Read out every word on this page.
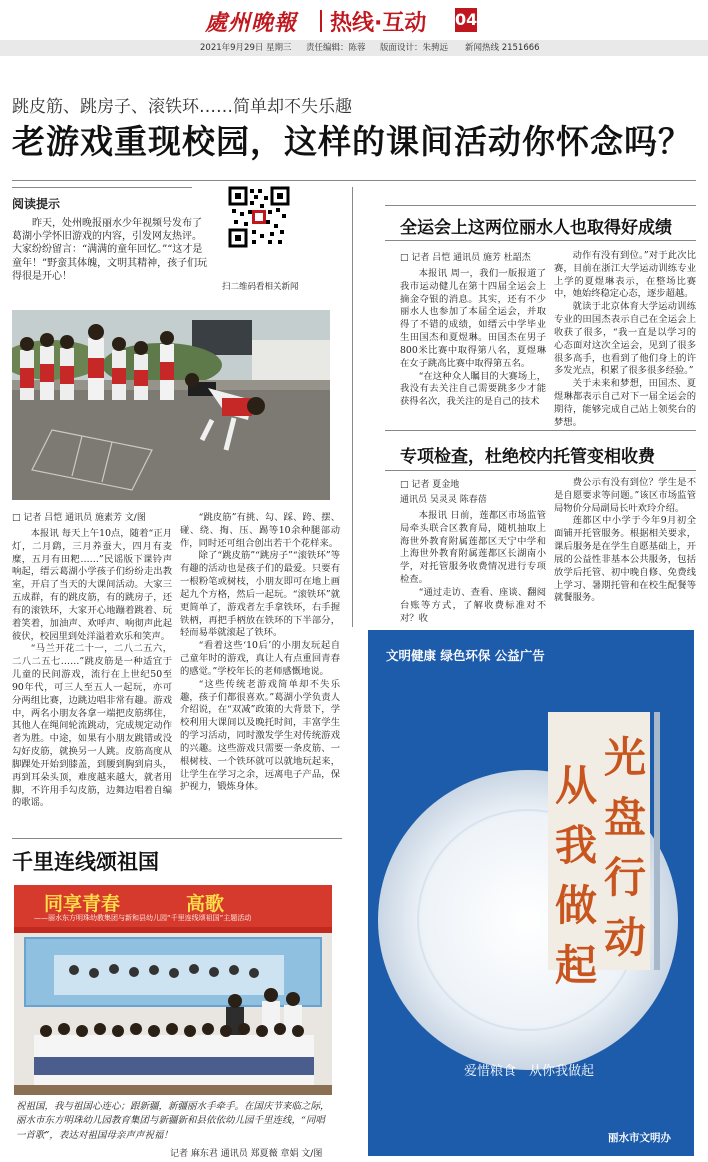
處州晚報 热线·互动 04
2021年9月29日 星期三 责任编辑：陈蓉 版面设计：朱骋远 新闻热线 2151666
跳皮筋、跳房子、滚铁环……简单却不失乐趣
老游戏重现校园，这样的课间活动你怀念吗？
阅读提示
昨天，处州晚报丽水少年视频号发布了葛湖小学怀旧游戏的内容，引发网友热评。大家纷纷留言：“满满的童年回忆。”“这才是童年！”野蛮其体魄，文明其精神，孩子们玩得很是开心！
扫二维码看相关新闻
□ 记者 吕恺 通讯员 施素芳 文/图

本报讯 每天上午10点，随着“正月灯，二月鹞，三月养蚕大，四月有麦糜，五月有田粑……”民谣版下课铃声响起，缙云葛湖小学孩子们纷纷走出教室，开启了当天的大课间活动。大家三五成群，有的跳皮筋，有的跳房子，还有的滚铁环，大家开心地蹦着跳着、玩着笑着，加油声、欢呼声、响彻声此起彼伏，校园里到处洋溢着欢乐和笑声。

“马兰开花二十一，二八二五六，二八二五七……”跳皮筋是一种适宜于儿童的民间游戏，流行在上世纪50至90年代，可三人至五人一起玩，亦可分两组比赛，边跳边唱非常有趣。游戏中，两名小朋友各拿一端把皮筋绑住，其他人在绳间轮流跳动，完成规定动作者为胜。中途，如果有小朋友跳错或没勾好皮筋，就换另一人跳。皮筋高度从脚踝处开始到膝盖，到腰到胸到肩头，再到耳朵头顶，难度越来越大，就者用脚，不许用手勾皮筋，边舞边唱着自编的歌谣。

“跳皮筋”有挑、勾、踩、跨、摆、碰、绕、掏、压、踢等10余种腿部动作，同时还可组合创出若干个花样来。

除了“跳皮筋”“跳房子”“滚铁环”等有趣的活动也是孩子们的最爱。只要有一根粉笔或树枝，小朋友即可在地上画起九个方格，然后一起玩。“滚铁环”就更简单了，游戏者左手拿铁环，右手握铁柄，再把手柄放在铁环的下半部分，轻而易举就滚起了铁环。

“看着这些‘10后’的小朋友玩起自己童年时的游戏，真让人有点重回青春的感觉。”学校年长的老师感慨地说。

“这些传统老游戏简单却不失乐趣，孩子们都很喜欢。”葛湖小学负责人介绍说，在“双减”政策的大背景下，学校利用大课间以及晚托时间，丰富学生的学习活动，同时激发学生对传统游戏的兴趣。这些游戏只需要一条皮筋、一根树枝、一个铁环就可以就地玩起来，让学生在学习之余，远离电子产品，保护视力，锻炼身体。

全运会上这两位丽水人也取得好成绩
□ 记者 吕恺 通讯员 施芳 杜韶杰

本报讯 周一，我们一版报道了我市运动健儿在第十四届全运会上摘金夺银的消息。其实，还有不少丽水人也参加了本届全运会，并取得了不错的成绩，如缙云中学毕业生田国杰和夏煜琳。田国杰在男子800米比赛中取得第八名，夏煜琳在女子跳高比赛中取得第五名。

“在这种众人瞩目的大赛场上，我没有去关注自己需要跳多少才能获得名次，我关注的是自己的技术

动作有没有到位。”对于此次比赛，目前在浙江大学运动训练专业上学的夏煜琳表示，在整场比赛中，她始终稳定心态，逐步超越。

就读于北京体育大学运动训练专业的田国杰表示自己在全运会上收获了很多，“我一直是以学习的心态面对这次全运会，见到了很多很多高手，也看到了他们身上的许多发光点，积累了很多很多经验。”

关于未来和梦想，田国杰、夏煜琳都表示自己对下一届全运会的期待，能够完成自己站上领奖台的梦想。

专项检查，杜绝校内托管变相收费
□ 记者 夏金地
通讯员 吴灵灵 陈春蓓

本报讯 日前，莲都区市场监管局牵头联合区教育局，随机抽取上海世外教育附属莲都区天宁中学和上海世外教育附属莲都区长湖南小学，对托管服务收费情况进行专项检查。

“通过走访、查看、座谈、翻阅台账等方式，了解收费标准对不对？收

费公示有没有到位？学生是不是自愿要求等问题。”该区市场监管局物价分局副局长叶欢玲介绍。

莲都区中小学于今年9月初全面铺开托管服务。根据相关要求，课后服务是在学生自愿基础上，开展的公益性非基本公共服务，包括放学后托管、初中晚自修、免费线上学习、暑期托管和在校生配餐等就餐服务。

千里连线颂祖国
同享青春	高歌
——丽水东方明珠幼教集团与新和县幼儿园“千里连线颂祖国”主题活动
祝祖国，我与祖国心连心；跟新疆，新疆丽水手牵手。在国庆节来临之际，丽水市东方明珠幼儿园教育集团与新疆新和县依依幼儿园千里连线，“同唱一首歌”，表达对祖国母亲声声祝福！
记者 麻东君 通讯员 郑夏薇 章娟 文/图
文明健康 绿色环保 公益广告
光盘行动
从我做起
爱惜粮食　从你我做起
丽水市文明办
